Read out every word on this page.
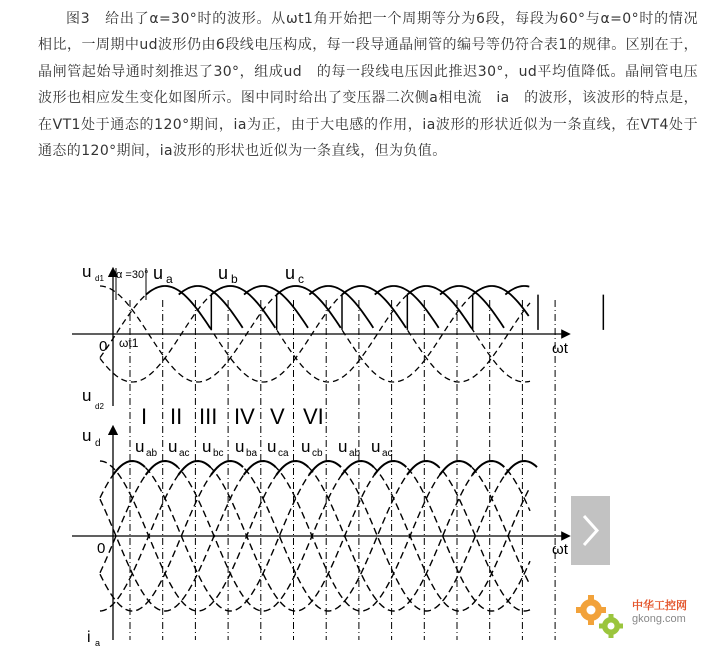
图3　给出了α=30°时的波形。从ωt1角开始把一个周期等分为6段，每段为60°与α=0°时的情况相比，一周期中ud波形仍由6段线电压构成，每一段导通晶闸管的编号等仍符合表1的规律。区别在于，晶闸管起始导通时刻推迟了30°，组成ud　的每一段线电压因此推迟30°，ud平均值降低。晶闸管电压波形也相应发生变化如图所示。图中同时给出了变压器二次侧a相电流　ia　的波形，该波形的特点是，在VT1处于通态的120°期间，ia为正，由于大电感的作用，ia波形的形状近似为一条直线，在VT4处于通态的120°期间，ia波形的形状也近似为一条直线，但为负值。

u d1
u
d2
α =30°
0 ωt1	ωt
u a	u b	u c
I II III IV V VI
u d
0	ωt
u ab u ac u bc u ba u ca u cb u ab u ac
i a
中华工控网
gkong.com
